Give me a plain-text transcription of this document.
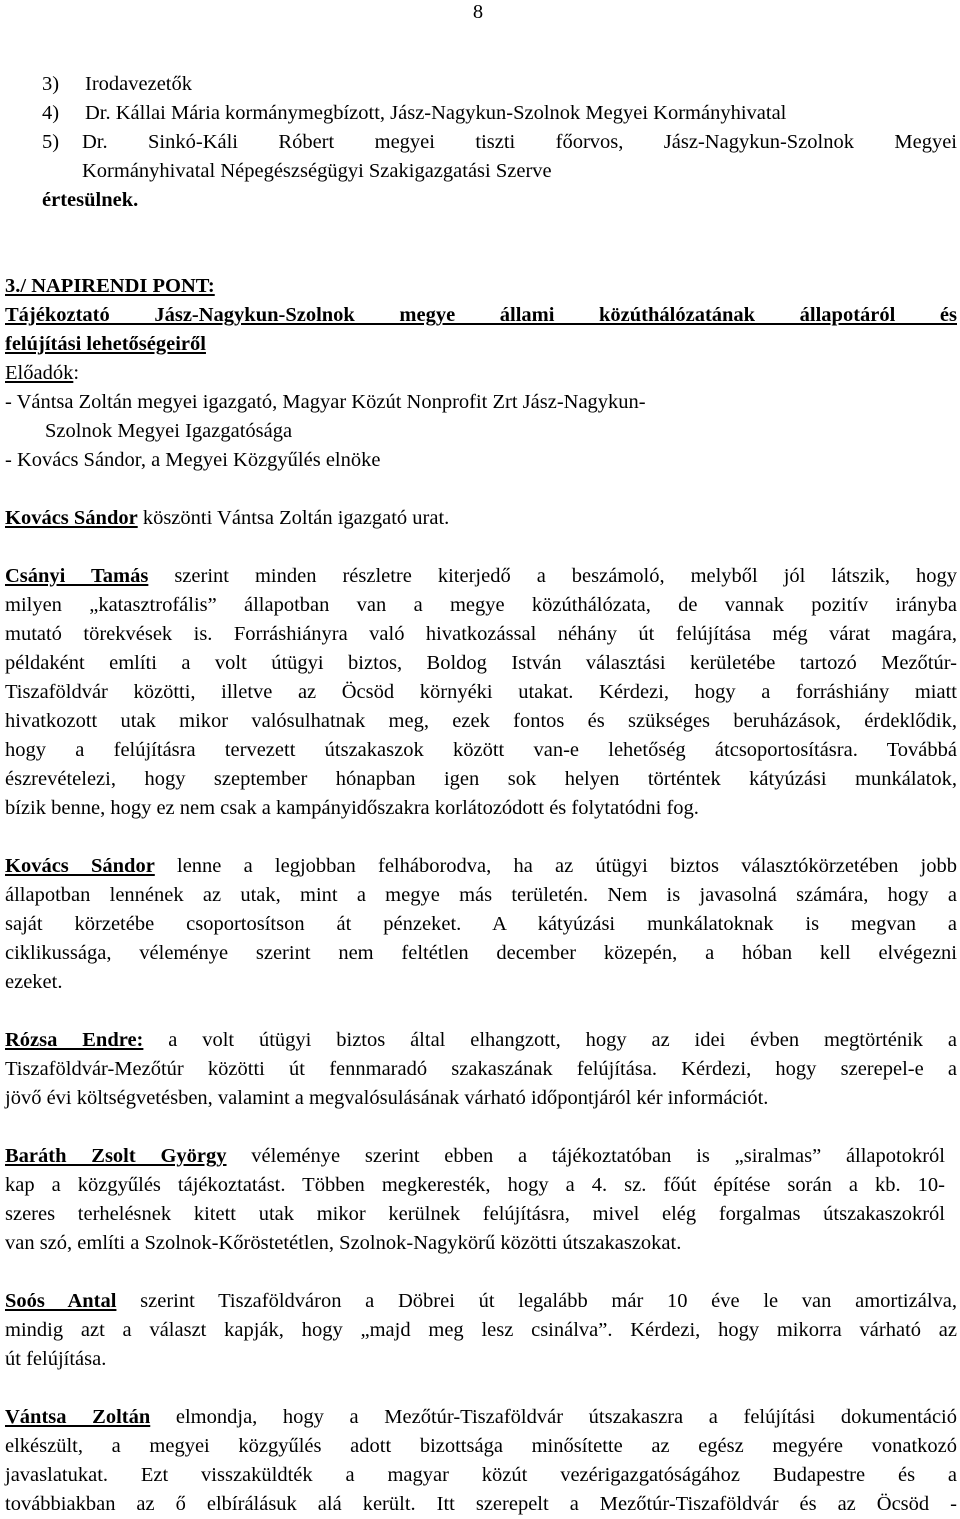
8
3) Irodavezetők
4) Dr. Kállai Mária kormánymegbízott, Jász-Nagykun-Szolnok Megyei Kormányhivatal
5) Dr. Sinkó-Káli Róbert megyei tiszti főorvos, Jász-Nagykun-Szolnok Megyei
Kormányhivatal Népegészségügyi Szakigazgatási Szerve
értesülnek.
3./ NAPIRENDI PONT:
Tájékoztató Jász-Nagykun-Szolnok megye állami közúthálózatának állapotáról és
felújítási lehetőségeiről
Előadók:
- Vántsa Zoltán megyei igazgató, Magyar Közút Nonprofit Zrt Jász-Nagykun-
Szolnok Megyei Igazgatósága
- Kovács Sándor, a Megyei Közgyűlés elnöke
Kovács Sándor köszönti Vántsa Zoltán igazgató urat.
Csányi Tamás szerint minden részletre kiterjedő a beszámoló, melyből jól látszik, hogy
milyen „katasztrofális” állapotban van a megye közúthálózata, de vannak pozitív irányba
mutató törekvések is. Forráshiányra való hivatkozással néhány út felújítása még várat magára,
példaként említi a volt útügyi biztos, Boldog István választási kerületébe tartozó Mezőtúr-
Tiszaföldvár közötti, illetve az Öcsöd környéki utakat. Kérdezi, hogy a forráshiány miatt
hivatkozott utak mikor valósulhatnak meg, ezek fontos és szükséges beruházások, érdeklődik,
hogy a felújításra tervezett útszakaszok között van-e lehetőség átcsoportosításra. Továbbá
észrevételezi, hogy szeptember hónapban igen sok helyen történtek kátyúzási munkálatok,
bízik benne, hogy ez nem csak a kampányidőszakra korlátozódott és folytatódni fog.
Kovács Sándor lenne a legjobban felháborodva, ha az útügyi biztos választókörzetében jobb
állapotban lennének az utak, mint a megye más területén. Nem is javasolná számára, hogy a
saját körzetébe csoportosítson át pénzeket. A kátyúzási munkálatoknak is megvan a
ciklikussága, véleménye szerint nem feltétlen december közepén, a hóban kell elvégezni
ezeket.
Rózsa Endre: a volt útügyi biztos által elhangzott, hogy az idei évben megtörténik a
Tiszaföldvár-Mezőtúr közötti út fennmaradó szakaszának felújítása. Kérdezi, hogy szerepel-e a
jövő évi költségvetésben, valamint a megvalósulásának várható időpontjáról kér információt.
Baráth Zsolt György véleménye szerint ebben a tájékoztatóban is „siralmas” állapotokról
kap a közgyűlés tájékoztatást. Többen megkeresték, hogy a 4. sz. főút építése során a kb. 10-
szeres terhelésnek kitett utak mikor kerülnek felújításra, mivel elég forgalmas útszakaszokról
van szó, említi a Szolnok-Kőröstetétlen, Szolnok-Nagykörű közötti útszakaszokat.
Soós Antal szerint Tiszaföldváron a Döbrei út legalább már 10 éve le van amortizálva,
mindig azt a választ kapják, hogy „majd meg lesz csinálva”. Kérdezi, hogy mikorra várható az
út felújítása.
Vántsa Zoltán elmondja, hogy a Mezőtúr-Tiszaföldvár útszakaszra a felújítási dokumentáció
elkészült, a megyei közgyűlés adott bizottsága minősítette az egész megyére vonatkozó
javaslatukat. Ezt visszaküldték a magyar közút vezérigazgatóságához Budapestre és a
továbbiakban az ő elbírálásuk alá került. Itt szerepelt a Mezőtúr-Tiszaföldvár és az Öcsöd -
